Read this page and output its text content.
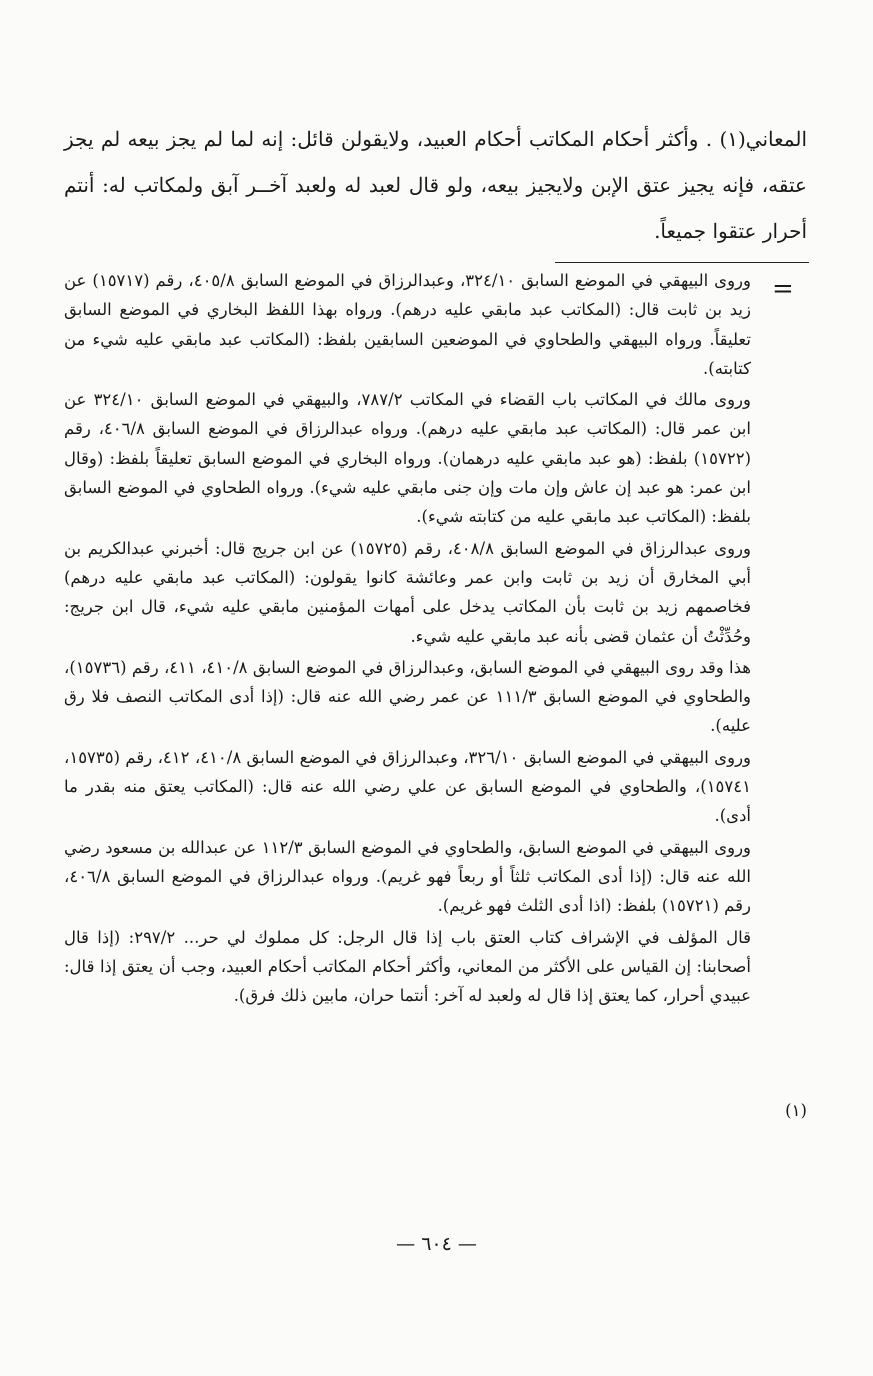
المعاني(١) . وأكثر أحكام المكاتب أحكام العبيد، ولايقولن قائل: إنه لما لم يجز بيعه لم يجز عتقه، فإنه يجيز عتق الإبن ولايجيز بيعه، ولو قال لعبد له ولعبد آخــر آبق ولمكاتب له: أنتم أحرار عتقوا جميعاً.

=

وروى البيهقي في الموضع السابق ٣٢٤/١٠، وعبدالرزاق في الموضع السابق ٤٠٥/٨، رقم (١٥٧١٧) عن زيد بن ثابت قال: (المكاتب عبد مابقي عليه درهم). ورواه بهذا اللفظ البخاري في الموضع السابق تعليقاً. ورواه البيهقي والطحاوي في الموضعين السابقين بلفظ: (المكاتب عبد مابقي عليه شيء من كتابته).

وروى مالك في المكاتب باب القضاء في المكاتب ٧٨٧/٢، والبيهقي في الموضع السابق ٣٢٤/١٠ عن ابن عمر قال: (المكاتب عبد مابقي عليه درهم). ورواه عبدالرزاق في الموضع السابق ٤٠٦/٨، رقم (١٥٧٢٢) بلفظ: (هو عبد مابقي عليه درهمان). ورواه البخاري في الموضع السابق تعليقاً بلفظ: (وقال ابن عمر: هو عبد إن عاش وإن مات وإن جنى مابقي عليه شيء). ورواه الطحاوي في الموضع السابق بلفظ: (المكاتب عبد مابقي عليه من كتابته شيء).

وروى عبدالرزاق في الموضع السابق ٤٠٨/٨، رقم (١٥٧٢٥) عن ابن جريج قال: أخبرني عبدالكريم بن أبي المخارق أن زيد بن ثابت وابن عمر وعائشة كانوا يقولون: (المكاتب عبد مابقي عليه درهم) فخاصمهم زيد بن ثابت بأن المكاتب يدخل على أمهات المؤمنين مابقي عليه شيء، قال ابن جريج: وحُدِّثْتُ أن عثمان قضى بأنه عبد مابقي عليه شيء.

هذا وقد روى البيهقي في الموضع السابق، وعبدالرزاق في الموضع السابق ٤١٠/٨، ٤١١، رقم (١٥٧٣٦)، والطحاوي في الموضع السابق ١١١/٣ عن عمر رضي الله عنه قال: (إذا أدى المكاتب النصف فلا رق عليه).

وروى البيهقي في الموضع السابق ٣٢٦/١٠، وعبدالرزاق في الموضع السابق ٤١٠/٨، ٤١٢، رقم (١٥٧٣٥، ١٥٧٤١)، والطحاوي في الموضع السابق عن علي رضي الله عنه قال: (المكاتب يعتق منه بقدر ما أدى).

وروى البيهقي في الموضع السابق، والطحاوي في الموضع السابق ١١٢/٣ عن عبدالله بن مسعود رضي الله عنه قال: (إذا أدى المكاتب ثلثاً أو ربعاً فهو غريم). ورواه عبدالرزاق في الموضع السابق ٤٠٦/٨، رقم (١٥٧٢١) بلفظ: (اذا أدى الثلث فهو غريم).

قال المؤلف في الإشراف كتاب العتق باب إذا قال الرجل: كل مملوك لي حر... ٢٩٧/٢: (إذا قال أصحابنا: إن القياس على الأكثر من المعاني، وأكثر أحكام المكاتب أحكام العبيد، وجب أن يعتق إذا قال: عبيدي أحرار، كما يعتق إذا قال له ولعبد له آخر: أنتما حران، مابين ذلك فرق).

(١)
— ٦٠٤ —
